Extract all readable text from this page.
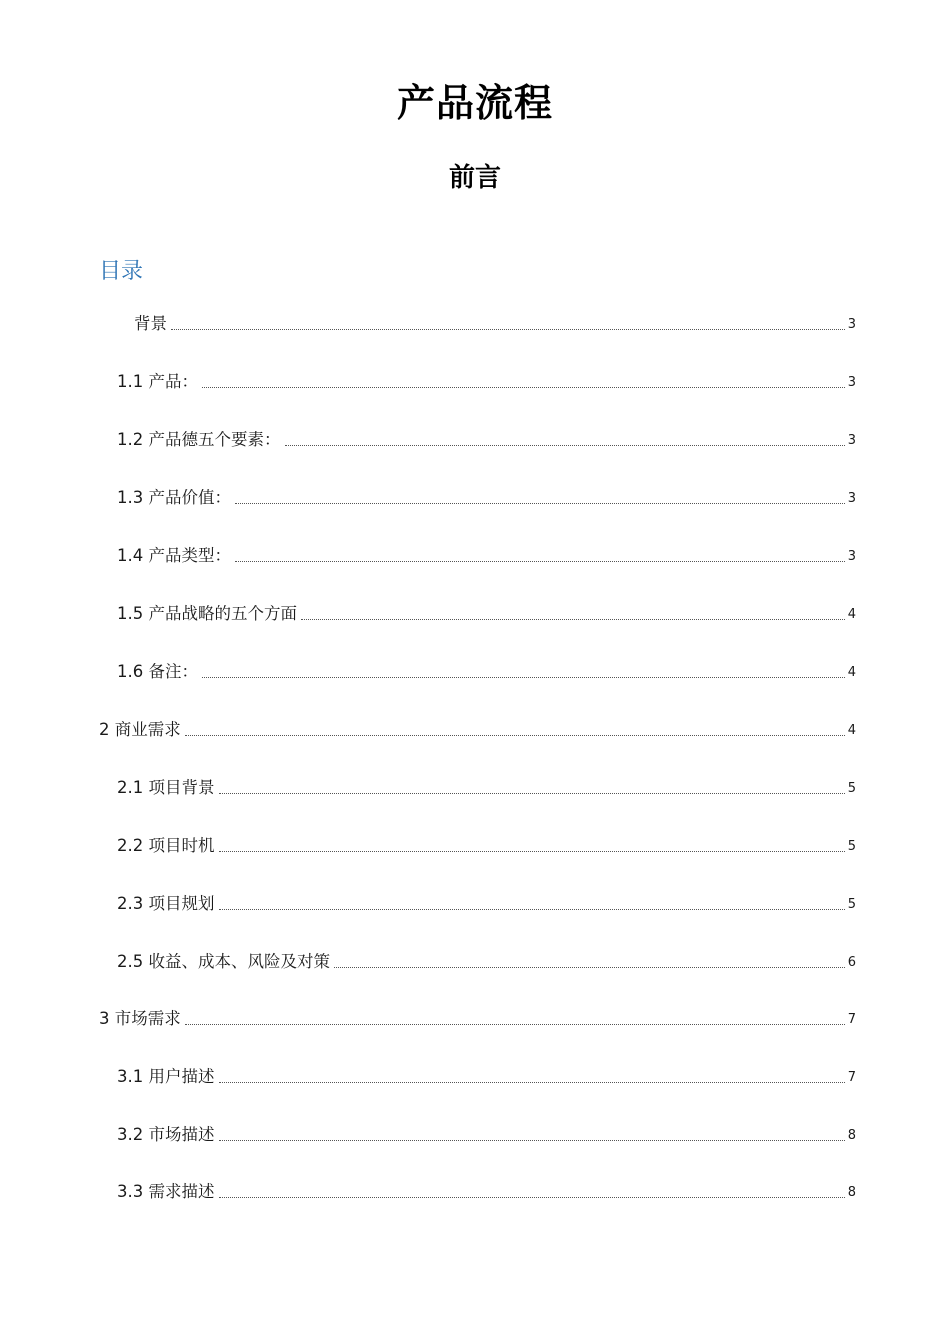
产品流程
前言
目录
背景	3
1.1 产品：	3
1.2 产品德五个要素：	3
1.3 产品价值：	3
1.4 产品类型：	3
1.5 产品战略的五个方面	4
1.6 备注：	4
2 商业需求	4
2.1 项目背景	5
2.2 项目时机	5
2.3 项目规划	5
2.5 收益、成本、风险及对策	6
3 市场需求	7
3.1 用户描述	7
3.2 市场描述	8
3.3 需求描述	8
